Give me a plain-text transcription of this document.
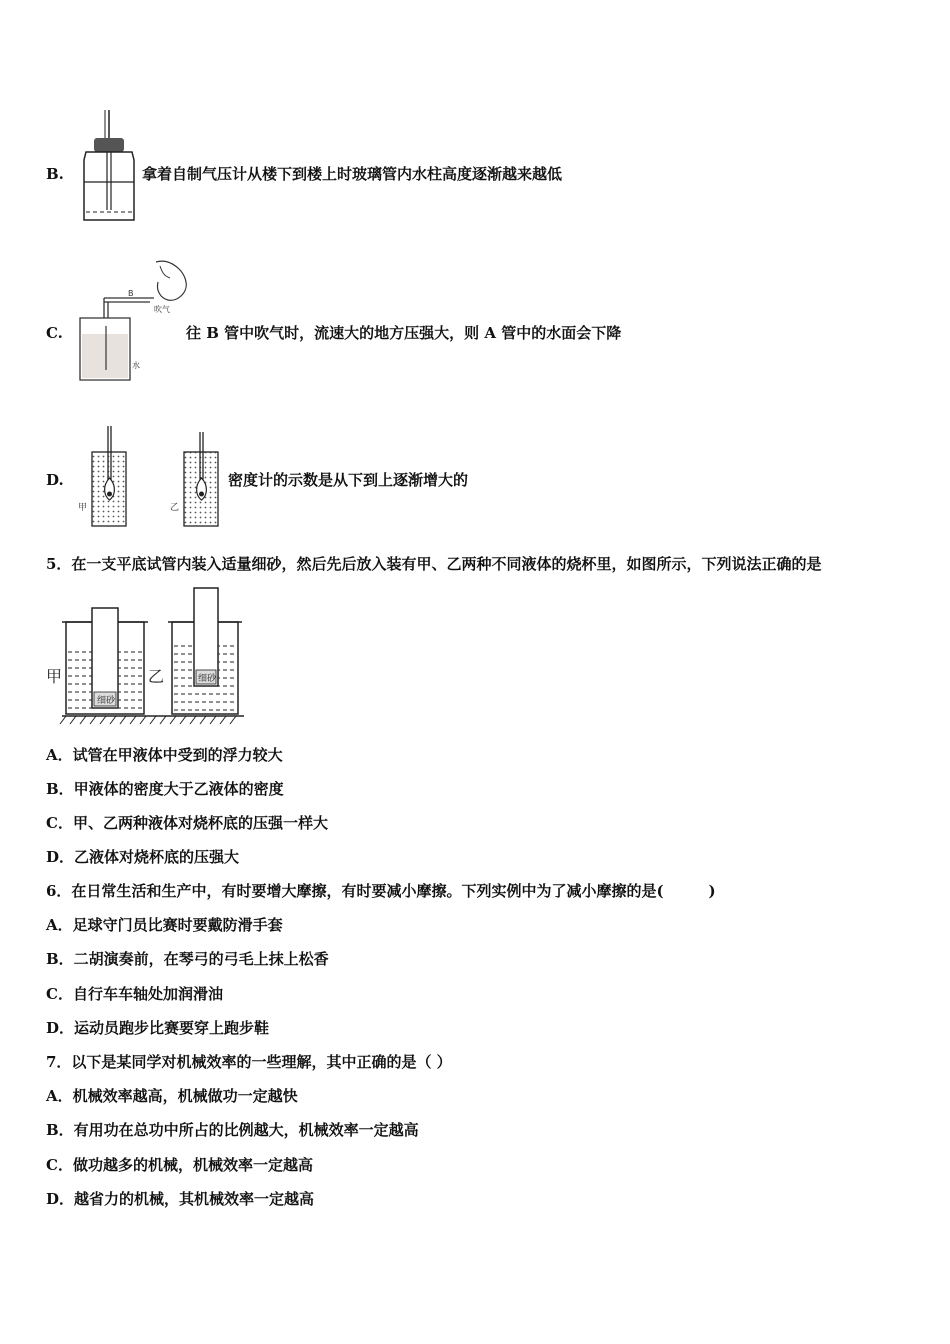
B.	拿着自制气压计从楼下到楼上时玻璃管内水柱高度逐渐越来越低
C.
B
吹气
水
往 B 管中吹气时，流速大的地方压强大，则 A 管中的水面会下降
D.
甲	乙
密度计的示数是从下到上逐渐增大的
5．在一支平底试管内装入适量细砂，然后先后放入装有甲、乙两种不同液体的烧杯里，如图所示，下列说法正确的是
细砂
甲	乙	细砂
A．试管在甲液体中受到的浮力较大
B．甲液体的密度大于乙液体的密度
C．甲、乙两种液体对烧杯底的压强一样大
D．乙液体对烧杯底的压强大
6．在日常生活和生产中，有时要增大摩擦，有时要减小摩擦。下列实例中为了减小摩擦的是(　　　)
A．足球守门员比赛时要戴防滑手套
B．二胡演奏前，在琴弓的弓毛上抹上松香
C．自行车车轴处加润滑油
D．运动员跑步比赛要穿上跑步鞋
7．以下是某同学对机械效率的一些理解，其中正确的是（ ）
A．机械效率越高，机械做功一定越快
B．有用功在总功中所占的比例越大，机械效率一定越高
C．做功越多的机械，机械效率一定越高
D．越省力的机械，其机械效率一定越高
